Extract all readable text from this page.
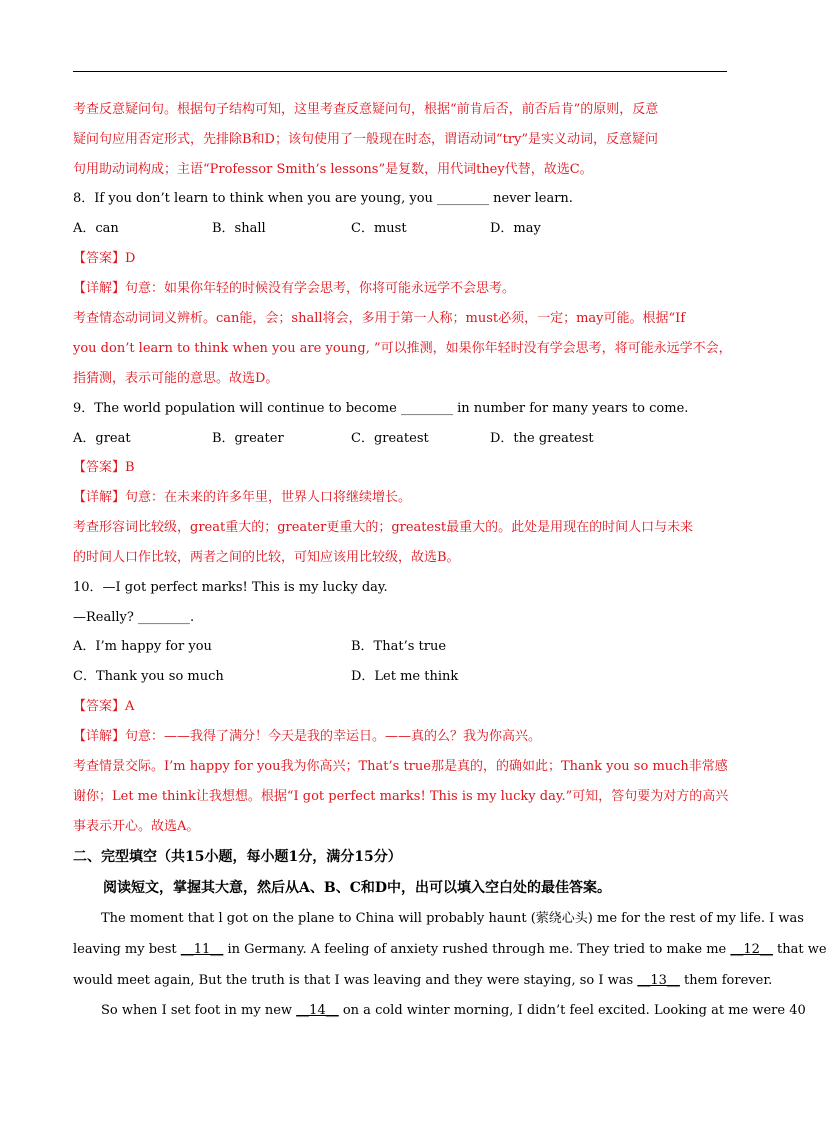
考查反意疑问句。根据句子结构可知，这里考查反意疑问句，根据“前肯后否，前否后肯”的原则，反意
疑问句应用否定形式，先排除B和D；该句使用了一般现在时态，谓语动词“try”是实义动词，反意疑问
句用助动词构成；主语“Professor Smith’s lessons”是复数，用代词they代替，故选C。
8．If you don’t learn to think when you are young, you ________ never learn.
A．can	B．shall	C．must	D．may
【答案】D
【详解】句意：如果你年轻的时候没有学会思考，你将可能永远学不会思考。
考查情态动词词义辨析。can能，会；shall将会，多用于第一人称；must必须，一定；may可能。根据“If
you don’t learn to think when you are young, ”可以推测，如果你年轻时没有学会思考，将可能永远学不会，
指猜测，表示可能的意思。故选D。
9．The world population will continue to become ________ in number for many years to come.
A．great	B．greater	C．greatest	D．the greatest
【答案】B
【详解】句意：在未来的许多年里，世界人口将继续增长。
考查形容词比较级，great重大的；greater更重大的；greatest最重大的。此处是用现在的时间人口与未来
的时间人口作比较，两者之间的比较，可知应该用比较级，故选B。
10．—I got perfect marks! This is my lucky day.
—Really? ________.
A．I’m happy for you	B．That’s true
C．Thank you so much	D．Let me think
【答案】A
【详解】句意：——我得了满分！今天是我的幸运日。——真的么？我为你高兴。
考查情景交际。I’m happy for you我为你高兴；That’s true那是真的，的确如此；Thank you so much非常感
谢你；Let me think让我想想。根据“I got perfect marks! This is my lucky day.”可知，答句要为对方的高兴
事表示开心。故选A。
二、完型填空（共15小题，每小题1分，满分15分）
阅读短文，掌握其大意，然后从A、B、C和D中，出可以填入空白处的最佳答案。
The moment that l got on the plane to China will probably haunt (萦绕心头) me for the rest of my life. I was
leaving my best __11__ in Germany. A feeling of anxiety rushed through me. They tried to make me __12__ that we
would meet again, But the truth is that I was leaving and they were staying, so I was __13__ them forever.
So when I set foot in my new __14__ on a cold winter morning, I didn’t feel excited. Looking at me were 40
